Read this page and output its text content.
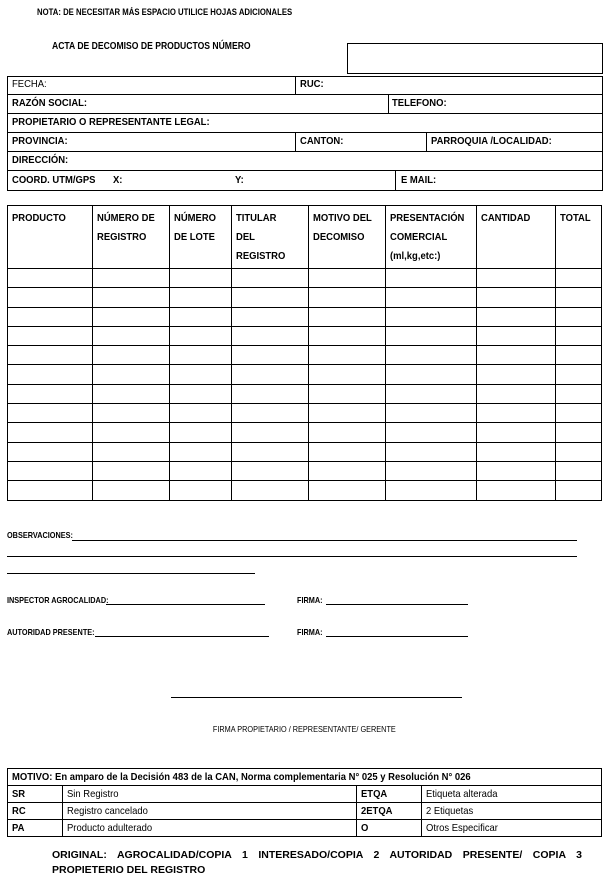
NOTA: DE NECESITAR MÁS ESPACIO UTILICE HOJAS ADICIONALES
ACTA DE DECOMISO DE PRODUCTOS NÚMERO
FECHA:	RUC:
RAZÓN SOCIAL:	TELEFONO:
PROPIETARIO O REPRESENTANTE LEGAL:
PROVINCIA:	CANTON:	PARROQUIA /LOCALIDAD:
DIRECCIÓN:
COORD. UTM/GPS X:	Y:	E MAIL:
PRODUCTO	NÚMERO DE REGISTRO	NÚMERO DE LOTE	TITULAR DEL REGISTRO	MOTIVO DEL DECOMISO	PRESENTACIÓN COMERCIAL (ml,kg,etc:)	CANTIDAD	TOTAL

OBSERVACIONES:
INSPECTOR AGROCALIDAD:	FIRMA:
AUTORIDAD PRESENTE:	FIRMA:
FIRMA PROPIETARIO / REPRESENTANTE/ GERENTE
MOTIVO: En amparo de la Decisión 483 de la CAN, Norma complementaria N° 025 y Resolución N° 026			
SR	Sin Registro	ETQA	Etiqueta alterada
RC	Registro cancelado	2ETQA	2 Etiquetas
PA	Producto adulterado	O	Otros Especificar
ORIGINAL: AGROCALIDAD/COPIA 1 INTERESADO/COPIA 2 AUTORIDAD PRESENTE/ COPIA 3 PROPIETERIO DEL REGISTRO
